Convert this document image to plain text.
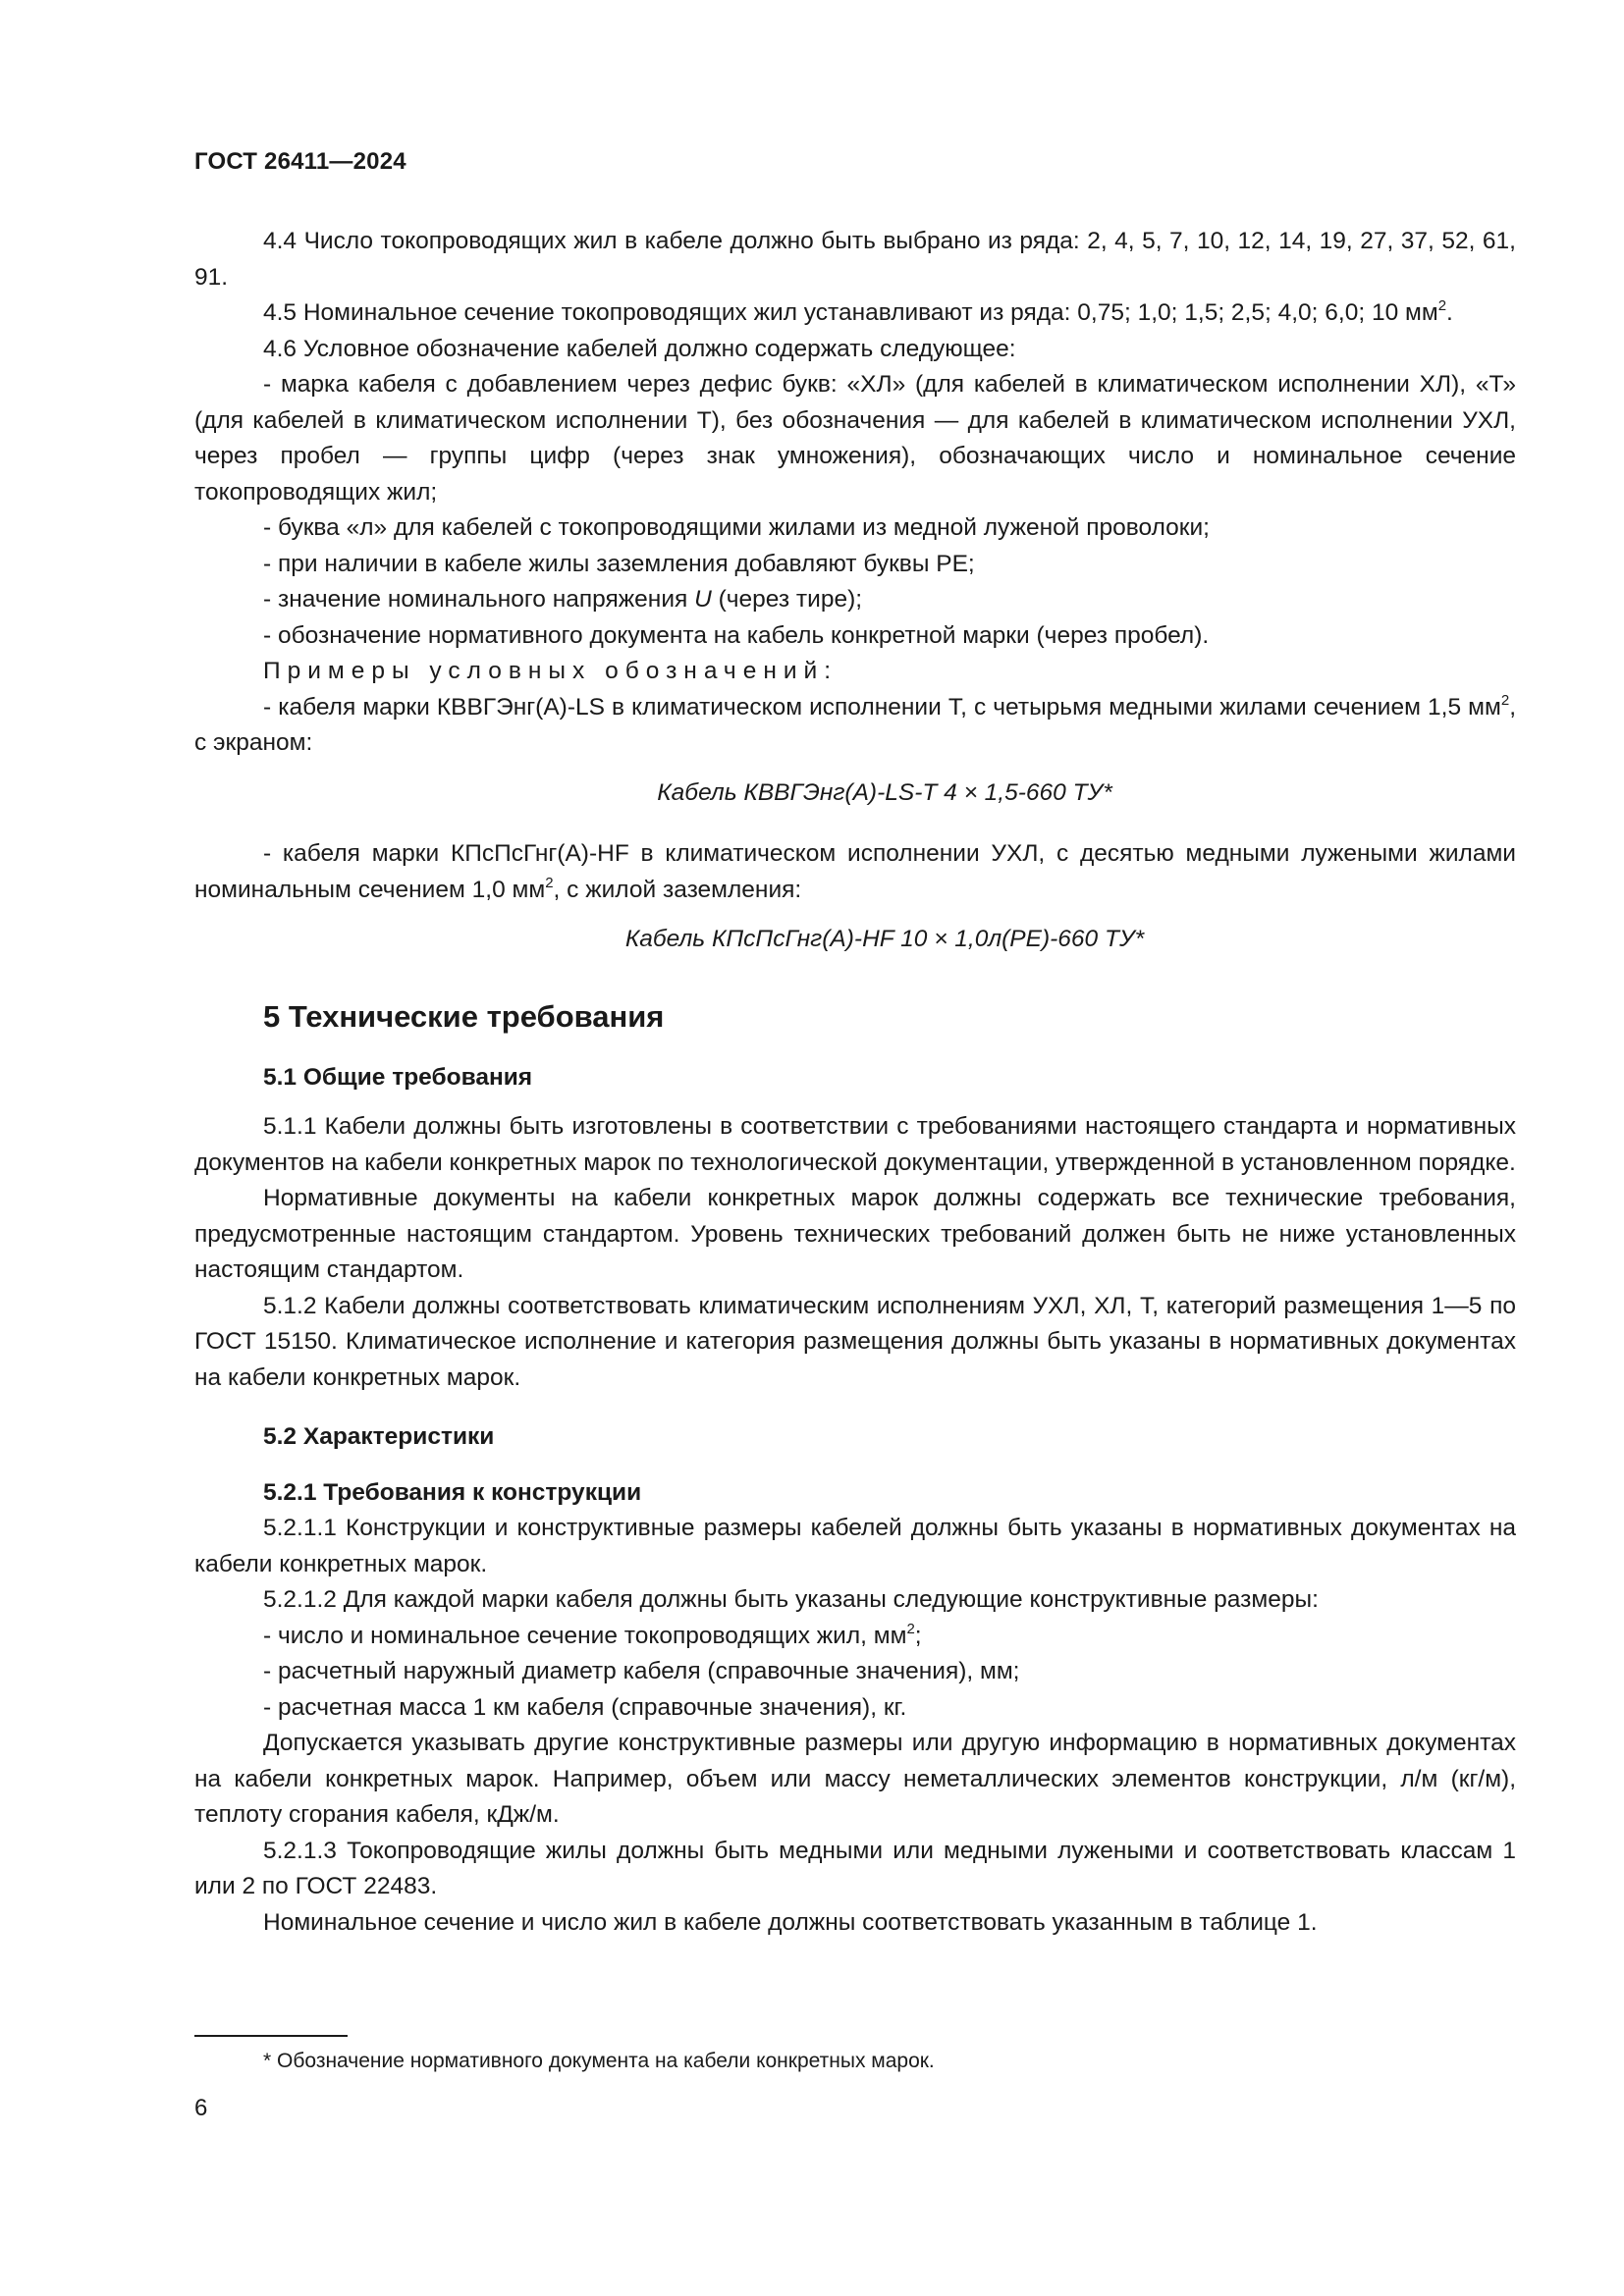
ГОСТ 26411—2024

4.4 Число токопроводящих жил в кабеле должно быть выбрано из ряда: 2, 4, 5, 7, 10, 12, 14, 19, 27, 37, 52, 61, 91.

4.5 Номинальное сечение токопроводящих жил устанавливают из ряда: 0,75; 1,0; 1,5; 2,5; 4,0; 6,0; 10 $мм^2$.

4.6 Условное обозначение кабелей должно содержать следующее:

- марка кабеля с добавлением через дефис букв: «ХЛ» (для кабелей в климатическом исполнении ХЛ), «Т» (для кабелей в климатическом исполнении Т), без обозначения — для кабелей в климатическом исполнении УХЛ, через пробел — группы цифр (через знак умножения), обозначающих число и номинальное сечение токопроводящих жил;

- буква «л» для кабелей с токопроводящими жилами из медной луженой проволоки;

- при наличии в кабеле жилы заземления добавляют буквы PE;

- значение номинального напряжения U (через тире);

- обозначение нормативного документа на кабель конкретной марки (через пробел).

Примеры условных обозначений:

- кабеля марки КВВГЭнг(А)-LS в климатическом исполнении Т, с четырьмя медными жилами сечением 1,5 $мм^2$, с экраном:

Кабель КВВГЭнг(А)-LS-Т 4 × 1,5-660 ТУ*

- кабеля марки КПсПсГнг(А)-HF в климатическом исполнении УХЛ, с десятью медными лужеными жилами номинальным сечением 1,0 $мм^2$, с жилой заземления:

Кабель КПсПсГнг(А)-HF 10 × 1,0л(PE)-660 ТУ*

5 Технические требования
5.1 Общие требования

5.1.1 Кабели должны быть изготовлены в соответствии с требованиями настоящего стандарта и нормативных документов на кабели конкретных марок по технологической документации, утвержденной в установленном порядке.

Нормативные документы на кабели конкретных марок должны содержать все технические требования, предусмотренные настоящим стандартом. Уровень технических требований должен быть не ниже установленных настоящим стандартом.

5.1.2 Кабели должны соответствовать климатическим исполнениям УХЛ, ХЛ, Т, категорий размещения 1—5 по ГОСТ 15150. Климатическое исполнение и категория размещения должны быть указаны в нормативных документах на кабели конкретных марок.

5.2 Характеристики
5.2.1 Требования к конструкции

5.2.1.1 Конструкции и конструктивные размеры кабелей должны быть указаны в нормативных документах на кабели конкретных марок.

5.2.1.2 Для каждой марки кабеля должны быть указаны следующие конструктивные размеры:

- число и номинальное сечение токопроводящих жил, $мм^2$;

- расчетный наружный диаметр кабеля (справочные значения), мм;

- расчетная масса 1 км кабеля (справочные значения), кг.

Допускается указывать другие конструктивные размеры или другую информацию в нормативных документах на кабели конкретных марок. Например, объем или массу неметаллических элементов конструкции, л/м (кг/м), теплоту сгорания кабеля, кДж/м.

5.2.1.3 Токопроводящие жилы должны быть медными или медными лужеными и соответствовать классам 1 или 2 по ГОСТ 22483.

Номинальное сечение и число жил в кабеле должны соответствовать указанным в таблице 1.

* Обозначение нормативного документа на кабели конкретных марок.
6
